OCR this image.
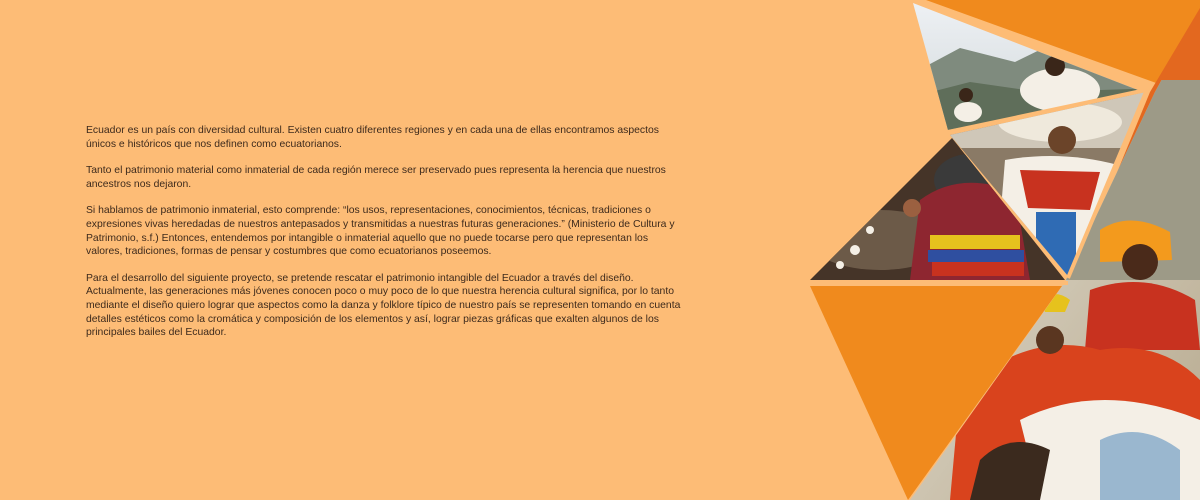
Ecuador es un país con diversidad cultural. Existen cuatro diferentes regiones y en cada una de ellas encontramos aspectos únicos e históricos que nos definen como ecuatorianos.

Tanto el patrimonio material como inmaterial de cada región merece ser preservado pues representa la herencia que nuestros ancestros nos dejaron.

Si hablamos de patrimonio inmaterial, esto comprende: “los usos, representaciones, conocimientos, técnicas, tradiciones o expresiones vivas heredadas de nuestros antepasados y transmitidas a nuestras futuras generaciones.” (Ministerio de Cultura y Patrimonio, s.f.) Entonces, entendemos por intangible o inmaterial aquello que no puede tocarse pero que representan los valores, tradiciones, formas de pensar y costumbres que como ecuatorianos poseemos.

Para el desarrollo del siguiente proyecto, se pretende rescatar el patrimonio intangible del Ecuador a través del diseño. Actualmente, las generaciones más jóvenes conocen poco o muy poco de lo que nuestra herencia cultural significa, por lo tanto mediante el diseño quiero lograr que aspectos como la danza y folklore típico de nuestro país se representen tomando en cuenta detalles estéticos como la cromática y composición de los elementos y así, lograr piezas gráficas que exalten algunos de los principales bailes del Ecuador.
